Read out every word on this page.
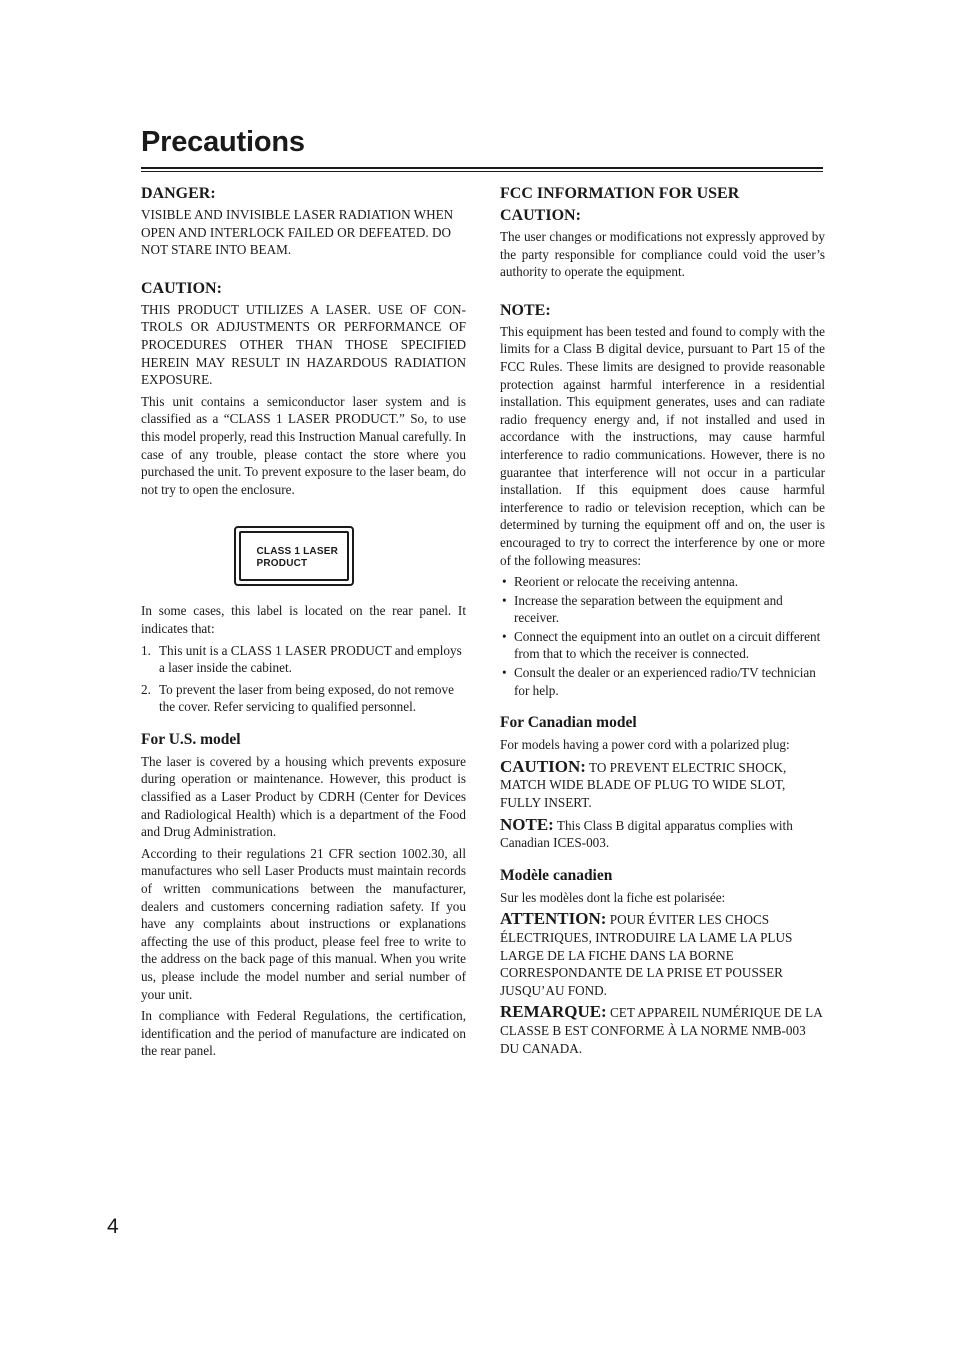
Precautions
DANGER:

VISIBLE AND INVISIBLE LASER RADIATION WHEN OPEN AND INTERLOCK FAILED OR DEFEATED. DO NOT STARE INTO BEAM.

CAUTION:

THIS PRODUCT UTILIZES A LASER. USE OF CONTROLS OR ADJUSTMENTS OR PERFORMANCE OF PROCEDURES OTHER THAN THOSE SPECIFIED HEREIN MAY RESULT IN HAZARDOUS RADIATION EXPOSURE.

This unit contains a semiconductor laser system and is classified as a “CLASS 1 LASER PRODUCT.” So, to use this model properly, read this Instruction Manual carefully. In case of any trouble, please contact the store where you purchased the unit. To prevent exposure to the laser beam, do not try to open the enclosure.

CLASS 1 LASER
PRODUCT

In some cases, this label is located on the rear panel. It indicates that:

1. This unit is a CLASS 1 LASER PRODUCT and employs a laser inside the cabinet.
2. To prevent the laser from being exposed, do not remove the cover. Refer servicing to qualified personnel.
For U.S. model

The laser is covered by a housing which prevents exposure during operation or maintenance. However, this product is classified as a Laser Product by CDRH (Center for Devices and Radiological Health) which is a department of the Food and Drug Administration.

According to their regulations 21 CFR section 1002.30, all manufactures who sell Laser Products must maintain records of written communications between the manufacturer, dealers and customers concerning radiation safety. If you have any complaints about instructions or explanations affecting the use of this product, please feel free to write to the address on the back page of this manual. When you write us, please include the model number and serial number of your unit.

In compliance with Federal Regulations, the certification, identification and the period of manufacture are indicated on the rear panel.

FCC INFORMATION FOR USER
CAUTION:

The user changes or modifications not expressly approved by the party responsible for compliance could void the user’s authority to operate the equipment.

NOTE:

This equipment has been tested and found to comply with the limits for a Class B digital device, pursuant to Part 15 of the FCC Rules. These limits are designed to provide reasonable protection against harmful interference in a residential installation. This equipment generates, uses and can radiate radio frequency energy and, if not installed and used in accordance with the instructions, may cause harmful interference to radio communications. However, there is no guarantee that interference will not occur in a particular installation. If this equipment does cause harmful interference to radio or television reception, which can be determined by turning the equipment off and on, the user is encouraged to try to correct the interference by one or more of the following measures:

• Reorient or relocate the receiving antenna.
• Increase the separation between the equipment and receiver.
• Connect the equipment into an outlet on a circuit different from that to which the receiver is connected.
• Consult the dealer or an experienced radio/TV technician for help.
For Canadian model

For models having a power cord with a polarized plug:

CAUTION: TO PREVENT ELECTRIC SHOCK, MATCH WIDE BLADE OF PLUG TO WIDE SLOT, FULLY INSERT.

NOTE: This Class B digital apparatus complies with Canadian ICES-003.

Modèle canadien

Sur les modèles dont la fiche est polarisée:

ATTENTION: POUR ÉVITER LES CHOCS ÉLECTRIQUES, INTRODUIRE LA LAME LA PLUS LARGE DE LA FICHE DANS LA BORNE CORRESPONDANTE DE LA PRISE ET POUSSER JUSQU’AU FOND.

REMARQUE: CET APPAREIL NUMÉRIQUE DE LA CLASSE B EST CONFORME À LA NORME NMB-003 DU CANADA.

4
